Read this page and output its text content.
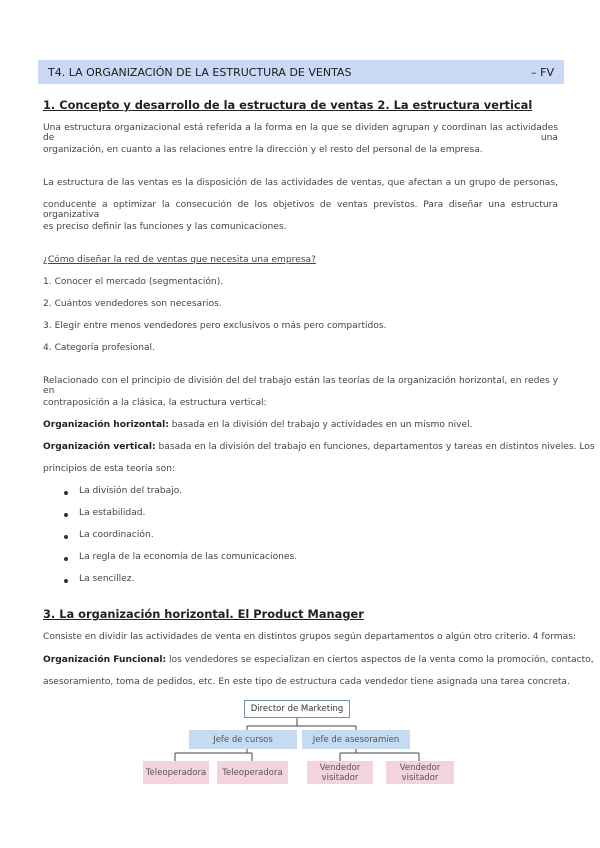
T4. LA ORGANIZACIÓN DE LA ESTRUCTURA DE VENTAS	– FV
1. Concepto y desarrollo de la estructura de ventas 2. La estructura vertical
Una estructura organizacional está referida a la forma en la que se dividen agrupan y coordinan las actividades de una
organización, en cuanto a las relaciones entre la dirección y el resto del personal de la empresa.
La estructura de las ventas es la disposición de las actividades de ventas, que afectan a un grupo de personas,
conducente a optimizar la consecución de los objetivos de ventas previstos. Para diseñar una estructura organizativa
es preciso definir las funciones y las comunicaciones.
¿Cómo diseñar la red de ventas que necesita una empresa?
1. Conocer el mercado (segmentación).
2. Cuántos vendedores son necesarios.
3. Elegir entre menos vendedores pero exclusivos o más pero compartidos.
4. Categoría profesional.
Relacionado con el principio de división del del trabajo están las teorías de la organización horizontal, en redes y en
contraposición a la clásica, la estructura vertical:
Organización horizontal: basada en la división del trabajo y actividades en un mismo nivel.
Organización vertical: basada en la división del trabajo en funciones, departamentos y tareas en distintos niveles. Los
principios de esta teoría son:
La división del trabajo.
La estabilidad.
La coordinación.
La regla de la economía de las comunicaciones.
La sencillez.
3. La organización horizontal. El Product Manager
Consiste en dividir las actividades de venta en distintos grupos según departamentos o algún otro criterio. 4 formas:
Organización Funcional: los vendedores se especializan en ciertos aspectos de la venta como la promoción, contacto,
asesoramiento, toma de pedidos, etc. En este tipo de estructura cada vendedor tiene asignada una tarea concreta.
Director de Marketing
Jefe de cursos	Jefe de asesoramien
Teleoperadora	Teleoperadora	Vendedor visitador
Vendedor visitador
